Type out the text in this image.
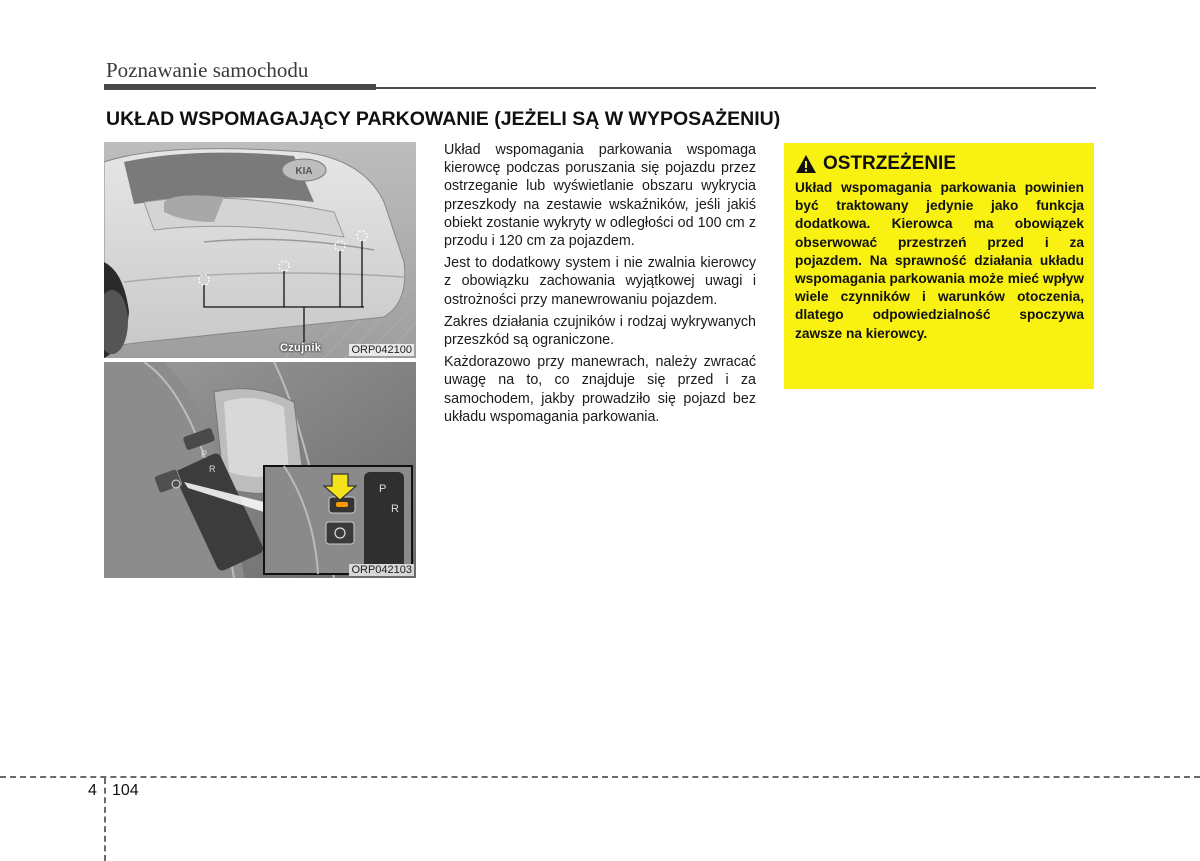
Poznawanie samochodu
UKŁAD WSPOMAGAJĄCY PARKOWANIE (JEŻELI SĄ W WYPOSAŻENIU)
KIA
Czujnik	ORP042100
P
R
P
R
ORP042103

Układ wspomagania parkowania wspomaga kierowcę podczas poruszania się pojazdu przez ostrzeganie lub wyświetlanie obszaru wykrycia przeszkody na zestawie wskaźników, jeśli jakiś obiekt zostanie wykryty w odległości od 100 cm z przodu i 120 cm za pojazdem.

Jest to dodatkowy system i nie zwalnia kierowcy z obowiązku zachowania wyjątkowej uwagi i ostrożności przy manewrowaniu pojazdem.

Zakres działania czujników i rodzaj wykrywanych przeszkód są ograniczone.

Każdorazowo przy manewrach, należy zwracać uwagę na to, co znajduje się przed i za samochodem, jakby prowadziło się pojazd bez układu wspomagania parkowania.

OSTRZEŻENIE
Układ wspomagania parkowania powinien być traktowany jedynie jako funkcja dodatkowa. Kierowca ma obowiązek obserwować przestrzeń przed i za pojazdem. Na sprawność działania układu wspomagania parkowania może mieć wpływ wiele czynników i warunków otoczenia, dlatego odpowiedzialność spoczywa zawsze na kierowcy.
4 104
